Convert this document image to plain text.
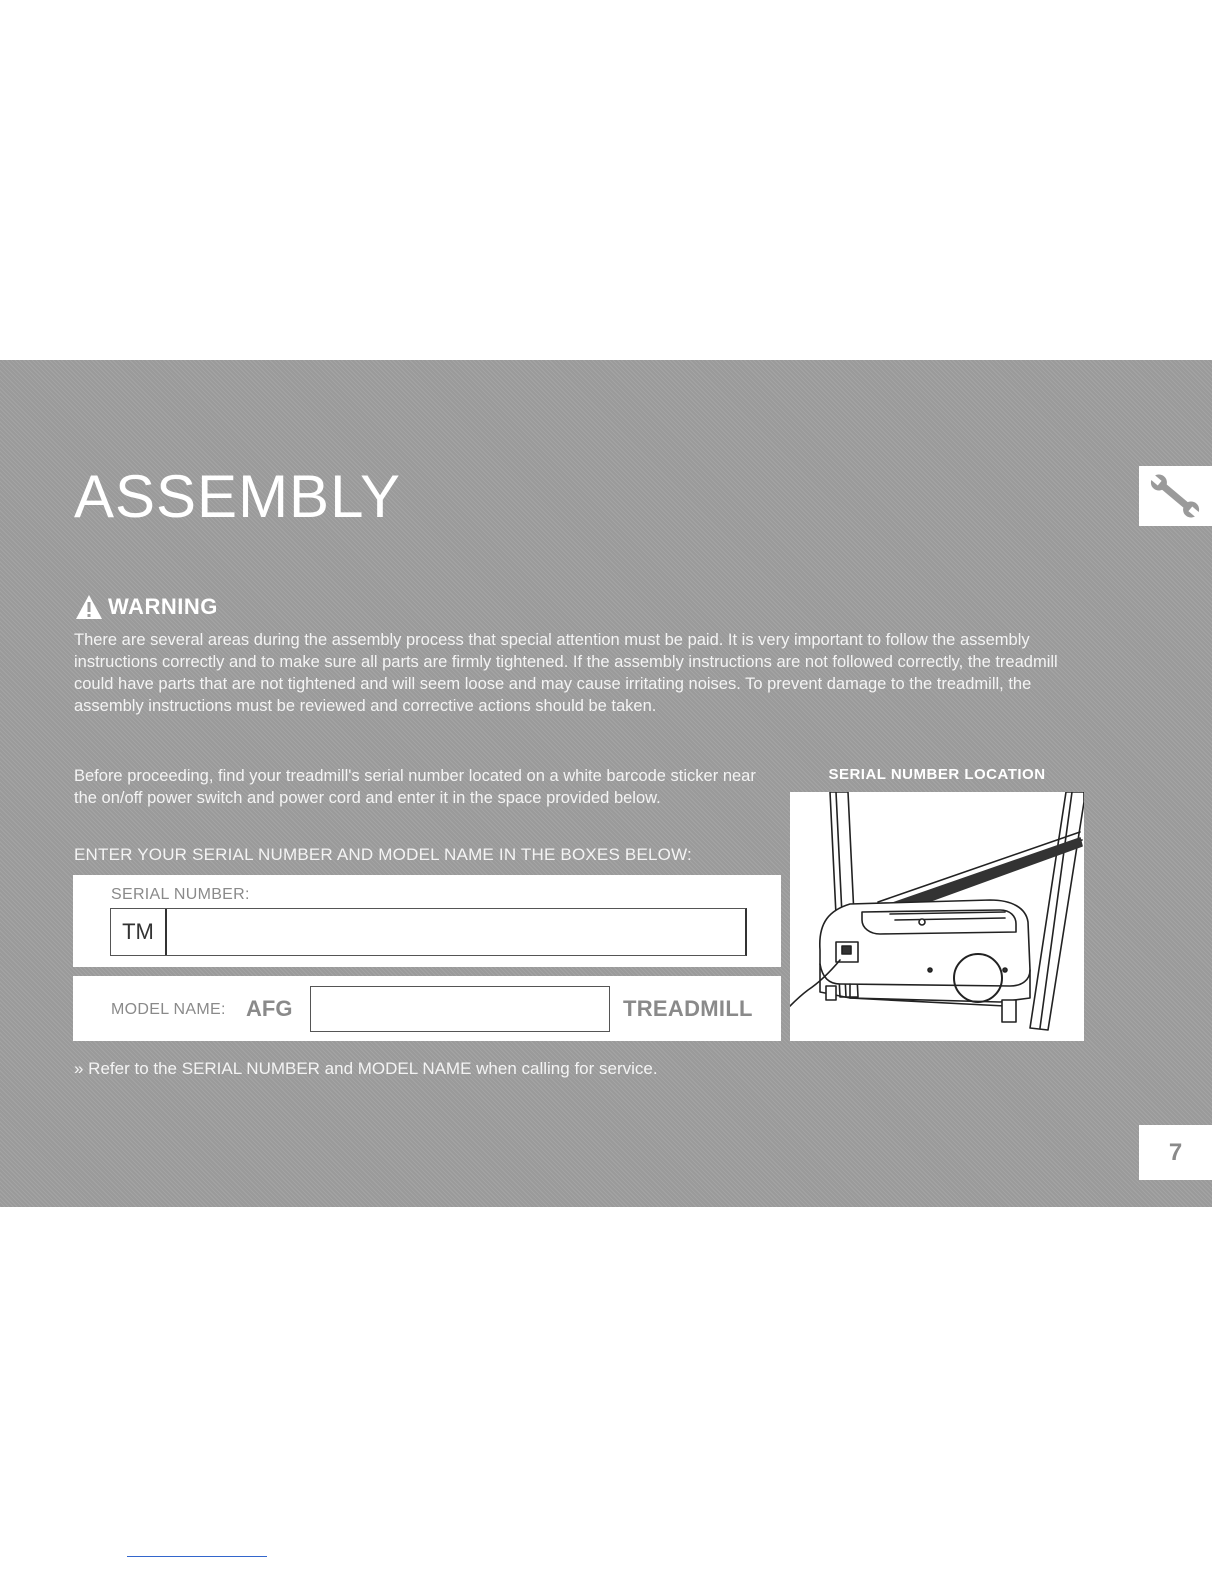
ASSEMBLY
WARNING

There are several areas during the assembly process that special attention must be paid. It is very important to follow the assembly instructions correctly and to make sure all parts are firmly tightened. If the assembly instructions are not followed correctly, the treadmill could have parts that are not tightened and will seem loose and may cause irritating noises. To prevent damage to the treadmill, the assembly instructions must be reviewed and corrective actions should be taken.

Before proceeding, find your treadmill's serial number located on a white barcode sticker near the on/off power switch and power cord and enter it in the space provided below.

ENTER YOUR SERIAL NUMBER AND MODEL NAME IN THE BOXES BELOW:

SERIAL NUMBER:
TM
MODEL NAME: AFG	TREADMILL

» Refer to the SERIAL NUMBER and MODEL NAME when calling for service.

SERIAL NUMBER LOCATION
7
